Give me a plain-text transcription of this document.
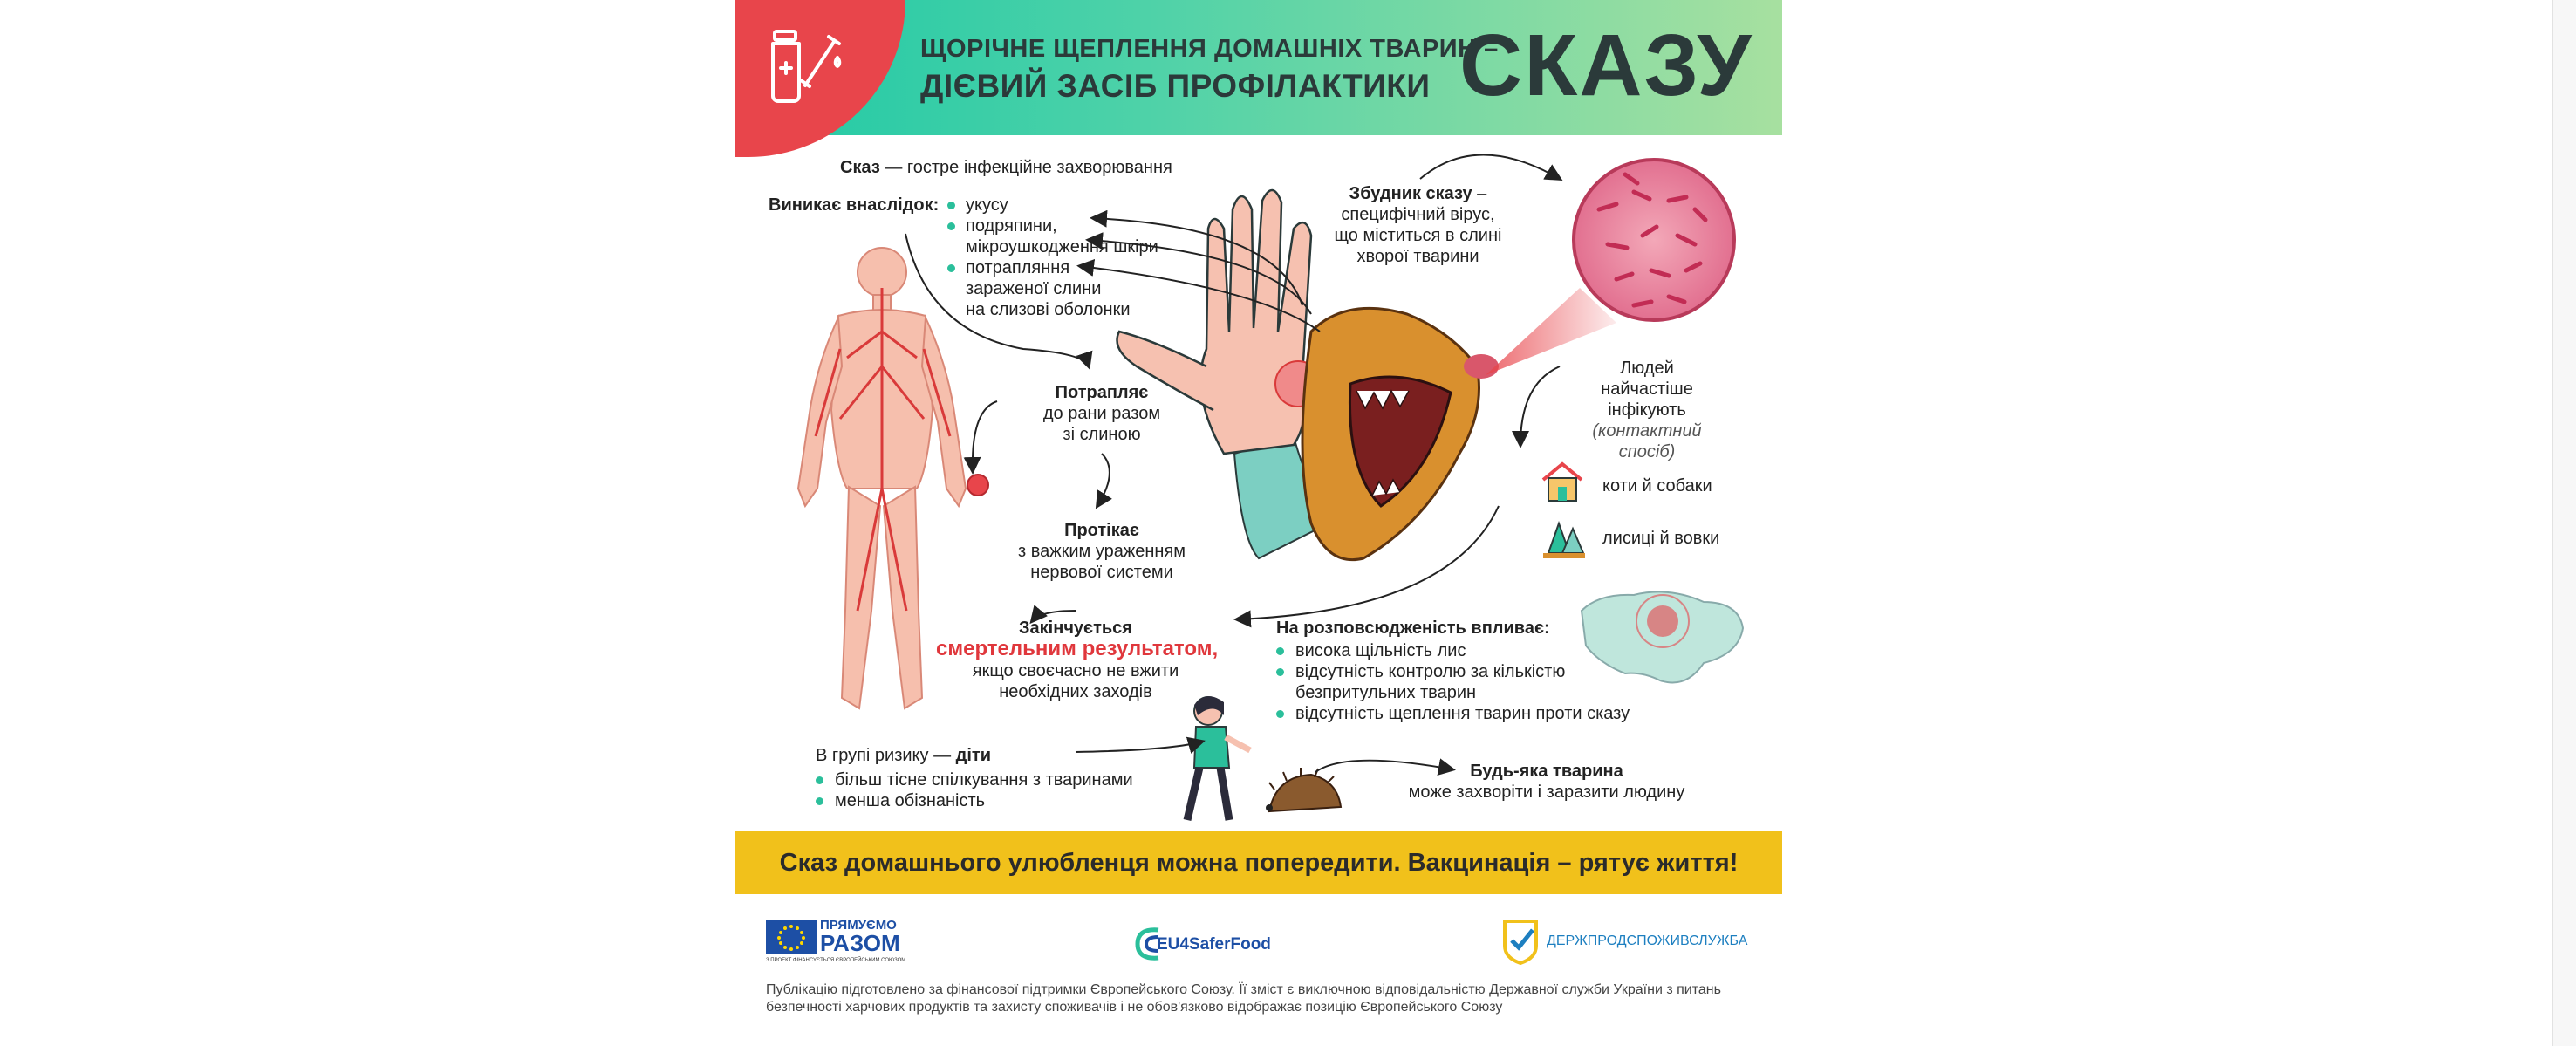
ЩОРІЧНЕ ЩЕПЛЕННЯ ДОМАШНІХ ТВАРИН –
ДІЄВИЙ ЗАСІБ ПРОФІЛАКТИКИ СКАЗУ
Сказ — гостре інфекційне захворювання
Виникає внаслідок:	укусу
подряпини,
мікроушкодження шкіри
потрапляння
зараженої слини
на слизові оболонки
Потрапляє
до рани разом
зі слиною
Протікає
з важким ураженням
нервової системи
Закінчується
смертельним результатом,
якщо своєчасно не вжити
необхідних заходів
Збудник сказу –
специфічний вірус,
що міститься в слині
хворої тварини
Людей
найчастіше
інфікують
(контактний
спосіб)
коти й собаки
лисиці й вовки
На розповсюдженість впливає:
висока щільність лис
відсутність контролю за кількістю
безпритульних тварин
відсутність щеплення тварин проти сказу
В групі ризику — діти
більш тісне спілкування з тваринами
менша обізнаність
Будь-яка тварина
може захворіти і заразити людину
Сказ домашнього улюбленця можна попередити. Вакцинація – рятує життя!
ПРЯМУЄМО
РАЗОМ
З ПРОЕКТ ФІНАНСУЄТЬСЯ ЄВРОПЕЙСЬКИМ СОЮЗОМ
EU4SaferFood	ДЕРЖПРОДСПОЖИВСЛУЖБА
Публікацію підготовлено за фінансової підтримки Європейського Союзу. Її зміст є виключною відповідальністю Державної служби України з питань безпечності харчових продуктів та захисту споживачів і не обов'язково відображає позицію Європейського Союзу
